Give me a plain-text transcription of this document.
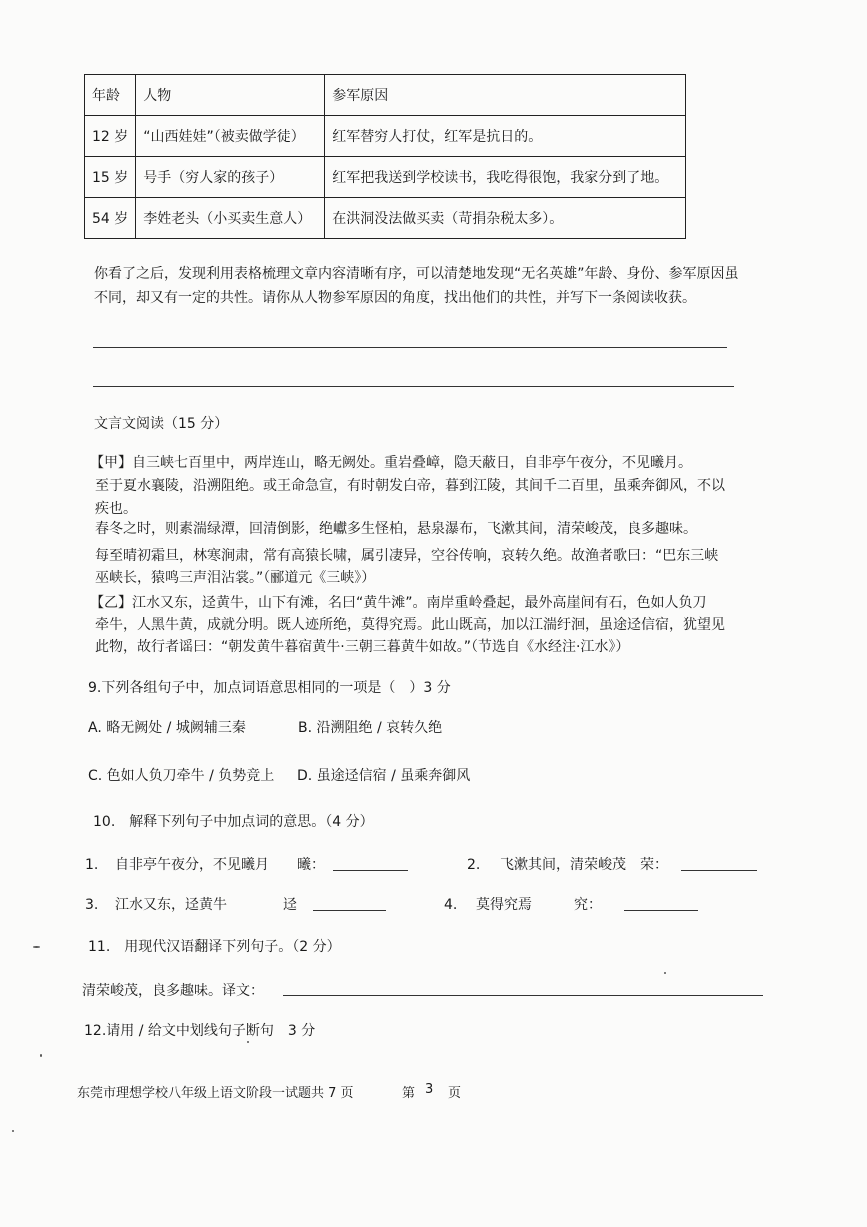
年龄	人物	参军原因
12 岁	“山西娃娃”（被卖做学徒）	红军替穷人打仗，红军是抗日的。
15 岁	号手（穷人家的孩子）	红军把我送到学校读书，我吃得很饱，我家分到了地。
54 岁	李姓老头（小买卖生意人）	在洪洞没法做买卖（苛捐杂税太多）。
你看了之后，发现利用表格梳理文章内容清晰有序，可以清楚地发现“无名英雄”年龄、身份、参军原因虽
不同，却又有一定的共性。请你从人物参军原因的角度，找出他们的共性，并写下一条阅读收获。
文言文阅读（15 分）
【甲】自三峡七百里中，两岸连山，略无阙处。重岩叠嶂，隐天蔽日，自非亭午夜分，不见曦月。
至于夏水襄陵，沿溯阻绝。或王命急宣，有时朝发白帝，暮到江陵，其间千二百里，虽乘奔御风，不以
疾也。
春冬之时，则素湍绿潭，回清倒影，绝巘多生怪柏，悬泉瀑布，飞漱其间，清荣峻茂，良多趣味。
每至晴初霜旦，林寒涧肃，常有高猿长啸，属引凄异，空谷传响，哀转久绝。故渔者歌曰：“巴东三峡
巫峡长，猿鸣三声泪沾裳。”（郦道元《三峡》）
【乙】江水又东，迳黄牛，山下有滩，名曰“黄牛滩”。南岸重岭叠起，最外高崖间有石，色如人负刀
牵牛，人黑牛黄，成就分明。既人迹所绝，莫得究焉。此山既高，加以江湍纡洄，虽途迳信宿，犹望见
此物，故行者谣曰：“朝发黄牛暮宿黄牛·三朝三暮黄牛如故。”（节选自《水经注·江水》）
9.下列各组句子中，加点词语意思相同的一项是（　）3 分
A. 略无阙处 / 城阙辅三秦	B. 沿溯阻绝 / 哀转久绝
C. 色如人负刀牵牛 / 负势竞上 D. 虽途迳信宿 / 虽乘奔御风
10.　解释下列句子中加点词的意思。（4 分）
1. 自非亭午夜分，不见曦月　　曦：	2. 飞漱其间，清荣峻茂　荣：
3. 江水又东，迳黄牛　　　　迳	4. 莫得究焉　　　究：
11.　用现代汉语翻译下列句子。（2 分）
清荣峻茂，良多趣味。译文：
12.请用 / 给文中划线句子断句　3 分
东莞市理想学校八年级上语文阶段一试题共 7 页	第 3 页
